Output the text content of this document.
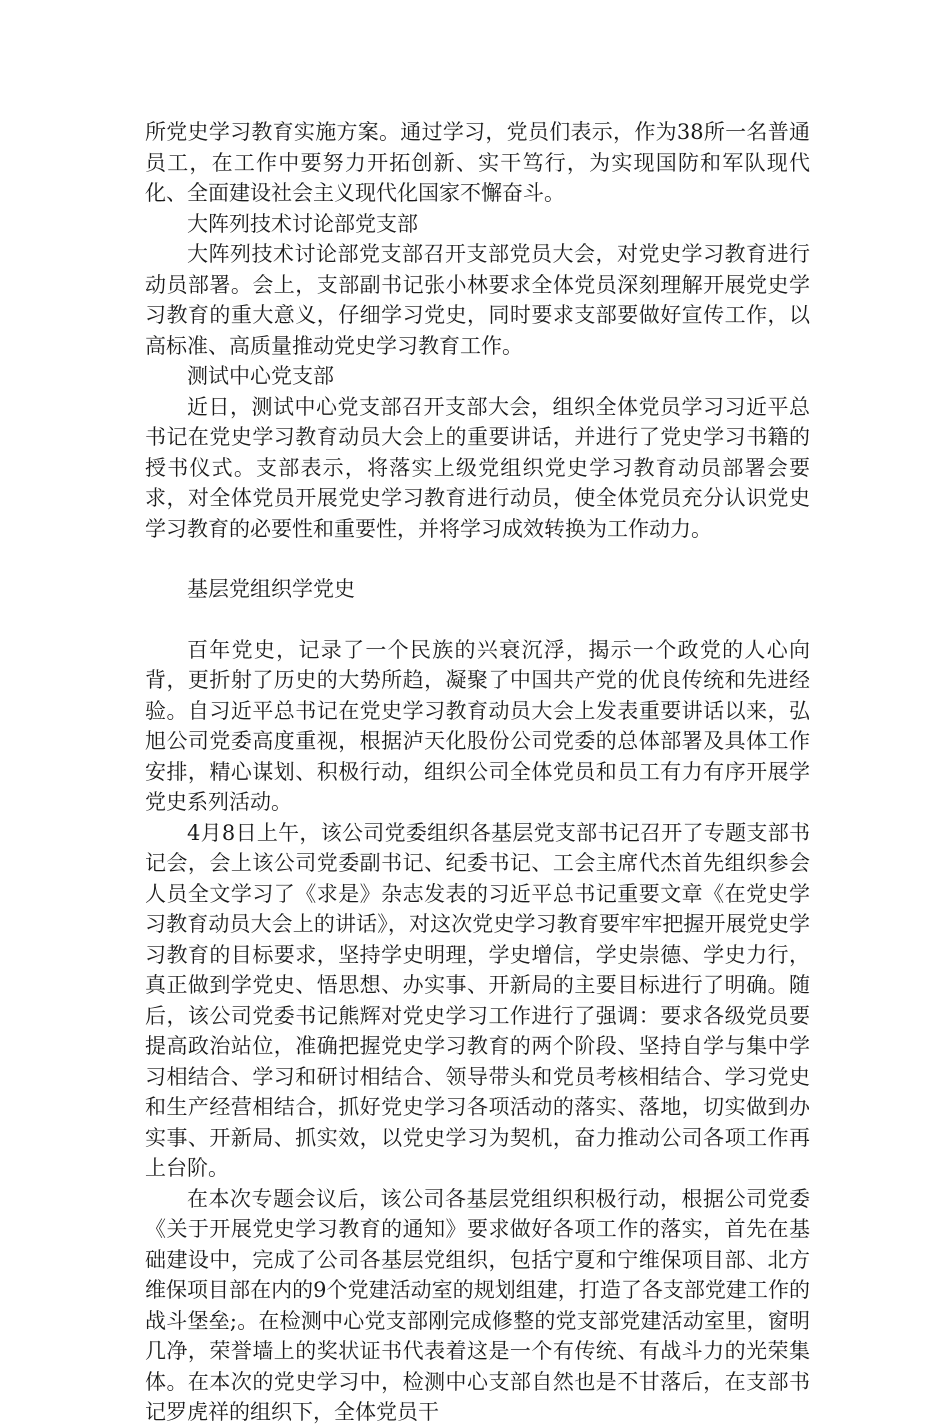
所党史学习教育实施方案。通过学习，党员们表示，作为38所一名普通员工，在工作中要努力开拓创新、实干笃行，为实现国防和军队现代化、全面建设社会主义现代化国家不懈奋斗。

大阵列技术讨论部党支部

大阵列技术讨论部党支部召开支部党员大会，对党史学习教育进行动员部署。会上，支部副书记张小林要求全体党员深刻理解开展党史学习教育的重大意义，仔细学习党史，同时要求支部要做好宣传工作，以高标准、高质量推动党史学习教育工作。

测试中心党支部

近日，测试中心党支部召开支部大会，组织全体党员学习习近平总书记在党史学习教育动员大会上的重要讲话，并进行了党史学习书籍的授书仪式。支部表示，将落实上级党组织党史学习教育动员部署会要求，对全体党员开展党史学习教育进行动员，使全体党员充分认识党史学习教育的必要性和重要性，并将学习成效转换为工作动力。

基层党组织学党史

百年党史，记录了一个民族的兴衰沉浮，揭示一个政党的人心向背，更折射了历史的大势所趋，凝聚了中国共产党的优良传统和先进经验。自习近平总书记在党史学习教育动员大会上发表重要讲话以来，弘旭公司党委高度重视，根据泸天化股份公司党委的总体部署及具体工作安排，精心谋划、积极行动，组织公司全体党员和员工有力有序开展学党史系列活动。

4月8日上午，该公司党委组织各基层党支部书记召开了专题支部书记会，会上该公司党委副书记、纪委书记、工会主席代杰首先组织参会人员全文学习了《求是》杂志发表的习近平总书记重要文章《在党史学习教育动员大会上的讲话》，对这次党史学习教育要牢牢把握开展党史学习教育的目标要求，坚持学史明理，学史增信，学史崇德、学史力行，真正做到学党史、悟思想、办实事、开新局的主要目标进行了明确。随后，该公司党委书记熊辉对党史学习工作进行了强调：要求各级党员要提高政治站位，准确把握党史学习教育的两个阶段、坚持自学与集中学习相结合、学习和研讨相结合、领导带头和党员考核相结合、学习党史和生产经营相结合，抓好党史学习各项活动的落实、落地，切实做到办实事、开新局、抓实效，以党史学习为契机，奋力推动公司各项工作再上台阶。

在本次专题会议后，该公司各基层党组织积极行动，根据公司党委《关于开展党史学习教育的通知》要求做好各项工作的落实，首先在基础建设中，完成了公司各基层党组织，包括宁夏和宁维保项目部、北方维保项目部在内的9个党建活动室的规划组建，打造了各支部党建工作的战斗堡垒;。在检测中心党支部刚完成修整的党支部党建活动室里，窗明几净，荣誉墙上的奖状证书代表着这是一个有传统、有战斗力的光荣集体。在本次的党史学习中，检测中心支部自然也是不甘落后，在支部书记罗虎祥的组织下，全体党员干
